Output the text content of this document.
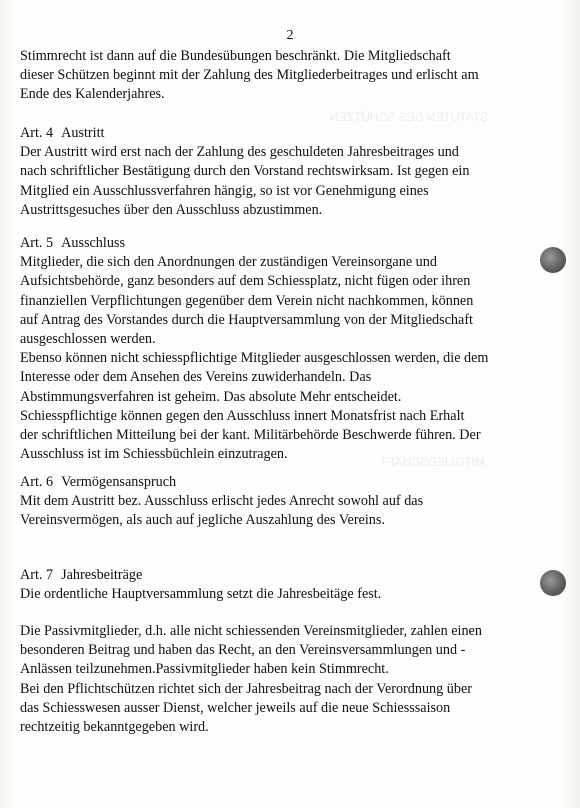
STATUTEN DES SCHÜTZEN
MITGLIEDSCHAFT
2
Stimmrecht ist dann auf die Bundesübungen beschränkt. Die Mitgliedschaft
dieser Schützen beginnt mit der Zahlung des Mitgliederbeitrages und erlischt am
Ende des Kalenderjahres.
Art. 4 Austritt
Der Austritt wird erst nach der Zahlung des geschuldeten Jahresbeitrages und
nach schriftlicher Bestätigung durch den Vorstand rechtswirksam. Ist gegen ein
Mitglied ein Ausschlussverfahren hängig, so ist vor Genehmigung eines
Austrittsgesuches über den Ausschluss abzustimmen.
Art. 5 Ausschluss
Mitglieder, die sich den Anordnungen der zuständigen Vereinsorgane und
Aufsichtsbehörde, ganz besonders auf dem Schiessplatz, nicht fügen oder ihren
finanziellen Verpflichtungen gegenüber dem Verein nicht nachkommen, können
auf Antrag des Vorstandes durch die Hauptversammlung von der Mitgliedschaft
ausgeschlossen werden.
Ebenso können nicht schiesspflichtige Mitglieder ausgeschlossen werden, die dem
Interesse oder dem Ansehen des Vereins zuwiderhandeln. Das
Abstimmungsverfahren ist geheim. Das absolute Mehr entscheidet.
Schiesspflichtige können gegen den Ausschluss innert Monatsfrist nach Erhalt
der schriftlichen Mitteilung bei der kant. Militärbehörde Beschwerde führen. Der
Ausschluss ist im Schiessbüchlein einzutragen.
Art. 6 Vermögensanspruch
Mit dem Austritt bez. Ausschluss erlischt jedes Anrecht sowohl auf das
Vereinsvermögen, als auch auf jegliche Auszahlung des Vereins.
Art. 7 Jahresbeiträge
Die ordentliche Hauptversammlung setzt die Jahresbeitäge fest.
Die Passivmitglieder, d.h. alle nicht schiessenden Vereinsmitglieder, zahlen einen
besonderen Beitrag und haben das Recht, an den Vereinsversammlungen und -
Anlässen teilzunehmen.Passivmitglieder haben kein Stimmrecht.
Bei den Pflichtschützen richtet sich der Jahresbeitrag nach der Verordnung über
das Schiesswesen ausser Dienst, welcher jeweils auf die neue Schiesssaison
rechtzeitig bekanntgegeben wird.
